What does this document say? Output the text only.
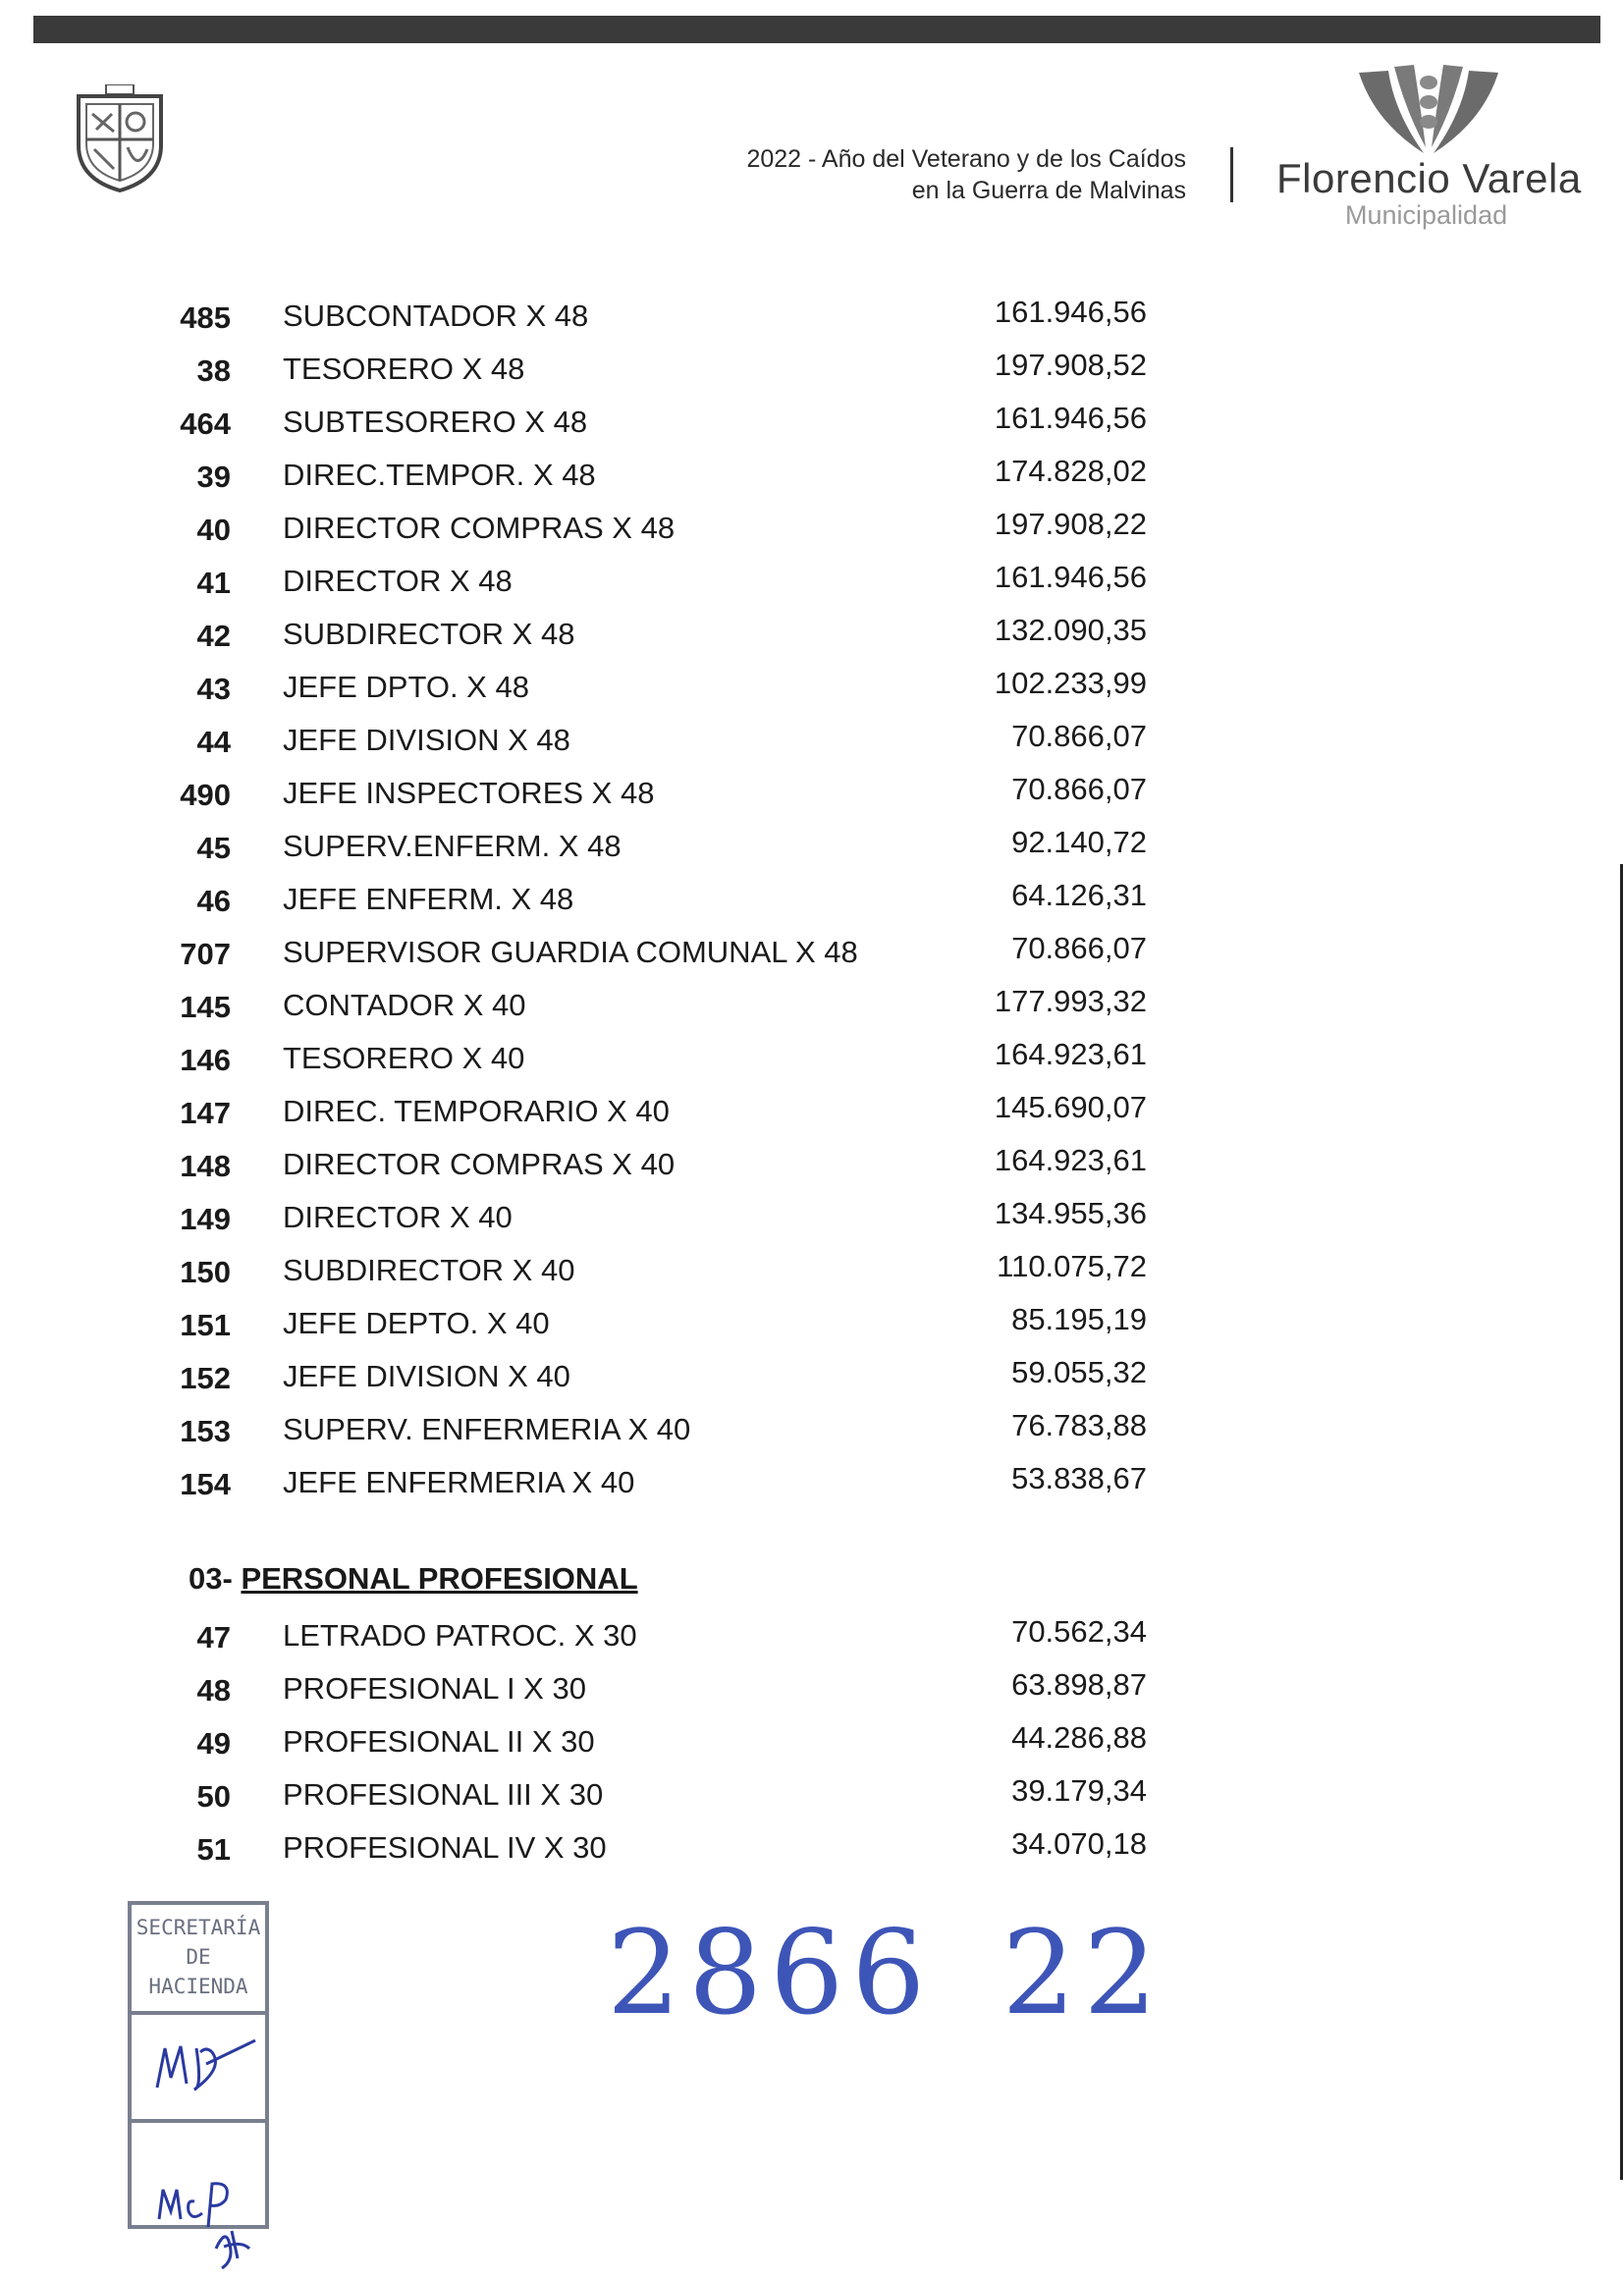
2022 - Año del Veterano y de los Caídos
en la Guerra de Malvinas Florencio Varela
Municipalidad
485 SUBCONTADOR X 48	161.946,56
38 TESORERO X 48	197.908,52
464 SUBTESORERO X 48	161.946,56
39 DIREC.TEMPOR. X 48	174.828,02
40 DIRECTOR COMPRAS X 48	197.908,22
41 DIRECTOR X 48	161.946,56
42 SUBDIRECTOR X 48	132.090,35
43 JEFE DPTO. X 48	102.233,99
44 JEFE DIVISION X 48	70.866,07
490 JEFE INSPECTORES X 48	70.866,07
45 SUPERV.ENFERM. X 48	92.140,72
46 JEFE ENFERM. X 48	64.126,31
707 SUPERVISOR GUARDIA COMUNAL X 48	70.866,07
145 CONTADOR X 40	177.993,32
146 TESORERO X 40	164.923,61
147 DIREC. TEMPORARIO X 40	145.690,07
148 DIRECTOR COMPRAS X 40	164.923,61
149 DIRECTOR X 40	134.955,36
150 SUBDIRECTOR X 40	110.075,72
151 JEFE DEPTO. X 40	85.195,19
152 JEFE DIVISION X 40	59.055,32
153 SUPERV. ENFERMERIA X 40	76.783,88
154 JEFE ENFERMERIA X 40	53.838,67
03- PERSONAL PROFESIONAL
47 LETRADO PATROC. X 30	70.562,34
48 PROFESIONAL I X 30	63.898,87
49 PROFESIONAL II X 30	44.286,88
50 PROFESIONAL III X 30	39.179,34
51 PROFESIONAL IV X 30	34.070,18
SECRETARÍA
DE
HACIENDA	2866 22
